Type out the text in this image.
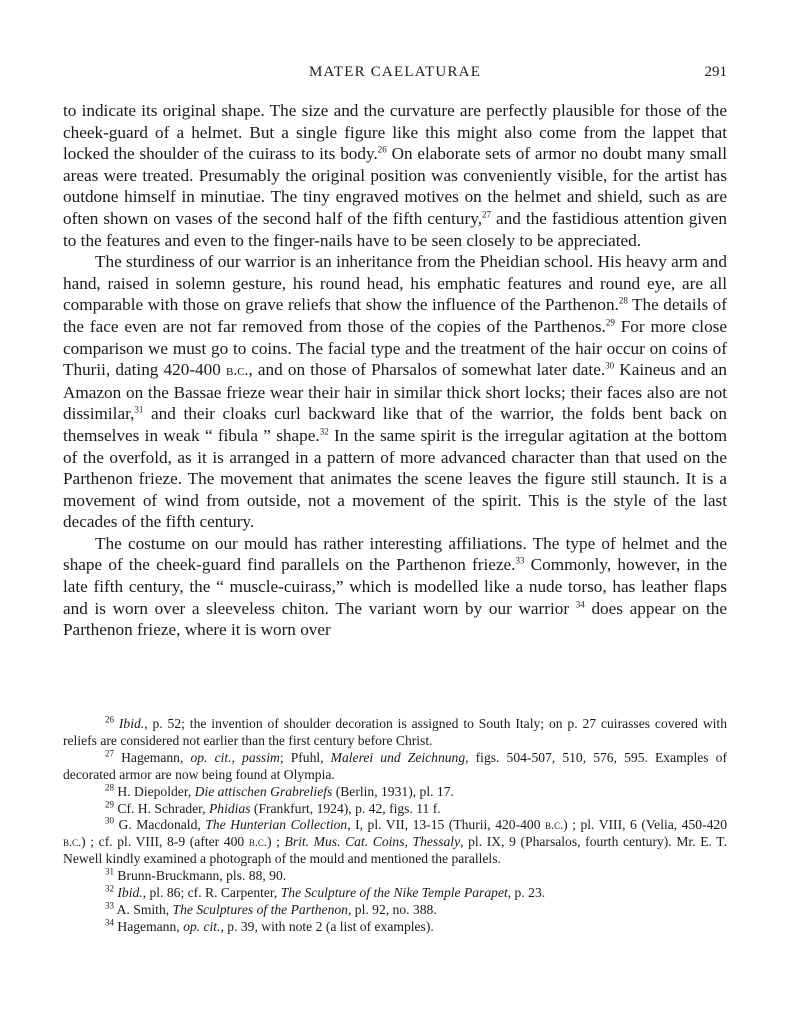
MATER CAELATURAE	291

to indicate its original shape. The size and the curvature are perfectly plausible for those of the cheek-guard of a helmet. But a single figure like this might also come from the lappet that locked the shoulder of the cuirass to its body.$^{26}$ On elaborate sets of armor no doubt many small areas were treated. Presumably the original position was conveniently visible, for the artist has outdone himself in minutiae. The tiny engraved motives on the helmet and shield, such as are often shown on vases of the second half of the fifth century,$^{27}$ and the fastidious attention given to the features and even to the finger-nails have to be seen closely to be appreciated.

The sturdiness of our warrior is an inheritance from the Pheidian school. His heavy arm and hand, raised in solemn gesture, his round head, his emphatic features and round eye, are all comparable with those on grave reliefs that show the influence of the Parthenon.$^{28}$ The details of the face even are not far removed from those of the copies of the Parthenos.$^{29}$ For more close comparison we must go to coins. The facial type and the treatment of the hair occur on coins of Thurii, dating 420-400 b.c., and on those of Pharsalos of somewhat later date.$^{30}$ Kaineus and an Amazon on the Bassae frieze wear their hair in similar thick short locks; their faces also are not dissimilar,$^{31}$ and their cloaks curl backward like that of the warrior, the folds bent back on themselves in weak “ fibula ” shape.$^{32}$ In the same spirit is the irregular agitation at the bottom of the overfold, as it is arranged in a pattern of more advanced character than that used on the Parthenon frieze. The movement that animates the scene leaves the figure still staunch. It is a movement of wind from outside, not a movement of the spirit. This is the style of the last decades of the fifth century.

The costume on our mould has rather interesting affiliations. The type of helmet and the shape of the cheek-guard find parallels on the Parthenon frieze.$^{33}$ Commonly, however, in the late fifth century, the “ muscle-cuirass,” which is modelled like a nude torso, has leather flaps and is worn over a sleeveless chiton. The variant worn by our warrior $^{34}$ does appear on the Parthenon frieze, where it is worn over

$^{26}$ Ibid., p. 52; the invention of shoulder decoration is assigned to South Italy; on p. 27 cuirasses covered with reliefs are considered not earlier than the first century before Christ.

$^{27}$ Hagemann, op. cit., passim; Pfuhl, Malerei und Zeichnung, figs. 504-507, 510, 576, 595. Examples of decorated armor are now being found at Olympia.

$^{28}$ H. Diepolder, Die attischen Grabreliefs (Berlin, 1931), pl. 17.

$^{29}$ Cf. H. Schrader, Phidias (Frankfurt, 1924), p. 42, figs. 11 f.

$^{30}$ G. Macdonald, The Hunterian Collection, I, pl. VII, 13-15 (Thurii, 420-400 b.c.) ; pl. VIII, 6 (Velia, 450-420 b.c.) ; cf. pl. VIII, 8-9 (after 400 b.c.) ; Brit. Mus. Cat. Coins, Thessaly, pl. IX, 9 (Pharsalos, fourth century). Mr. E. T. Newell kindly examined a photograph of the mould and mentioned the parallels.

$^{31}$ Brunn-Bruckmann, pls. 88, 90.

$^{32}$ Ibid., pl. 86; cf. R. Carpenter, The Sculpture of the Nike Temple Parapet, p. 23.

$^{33}$ A. Smith, The Sculptures of the Parthenon, pl. 92, no. 388.

$^{34}$ Hagemann, op. cit., p. 39, with note 2 (a list of examples).
